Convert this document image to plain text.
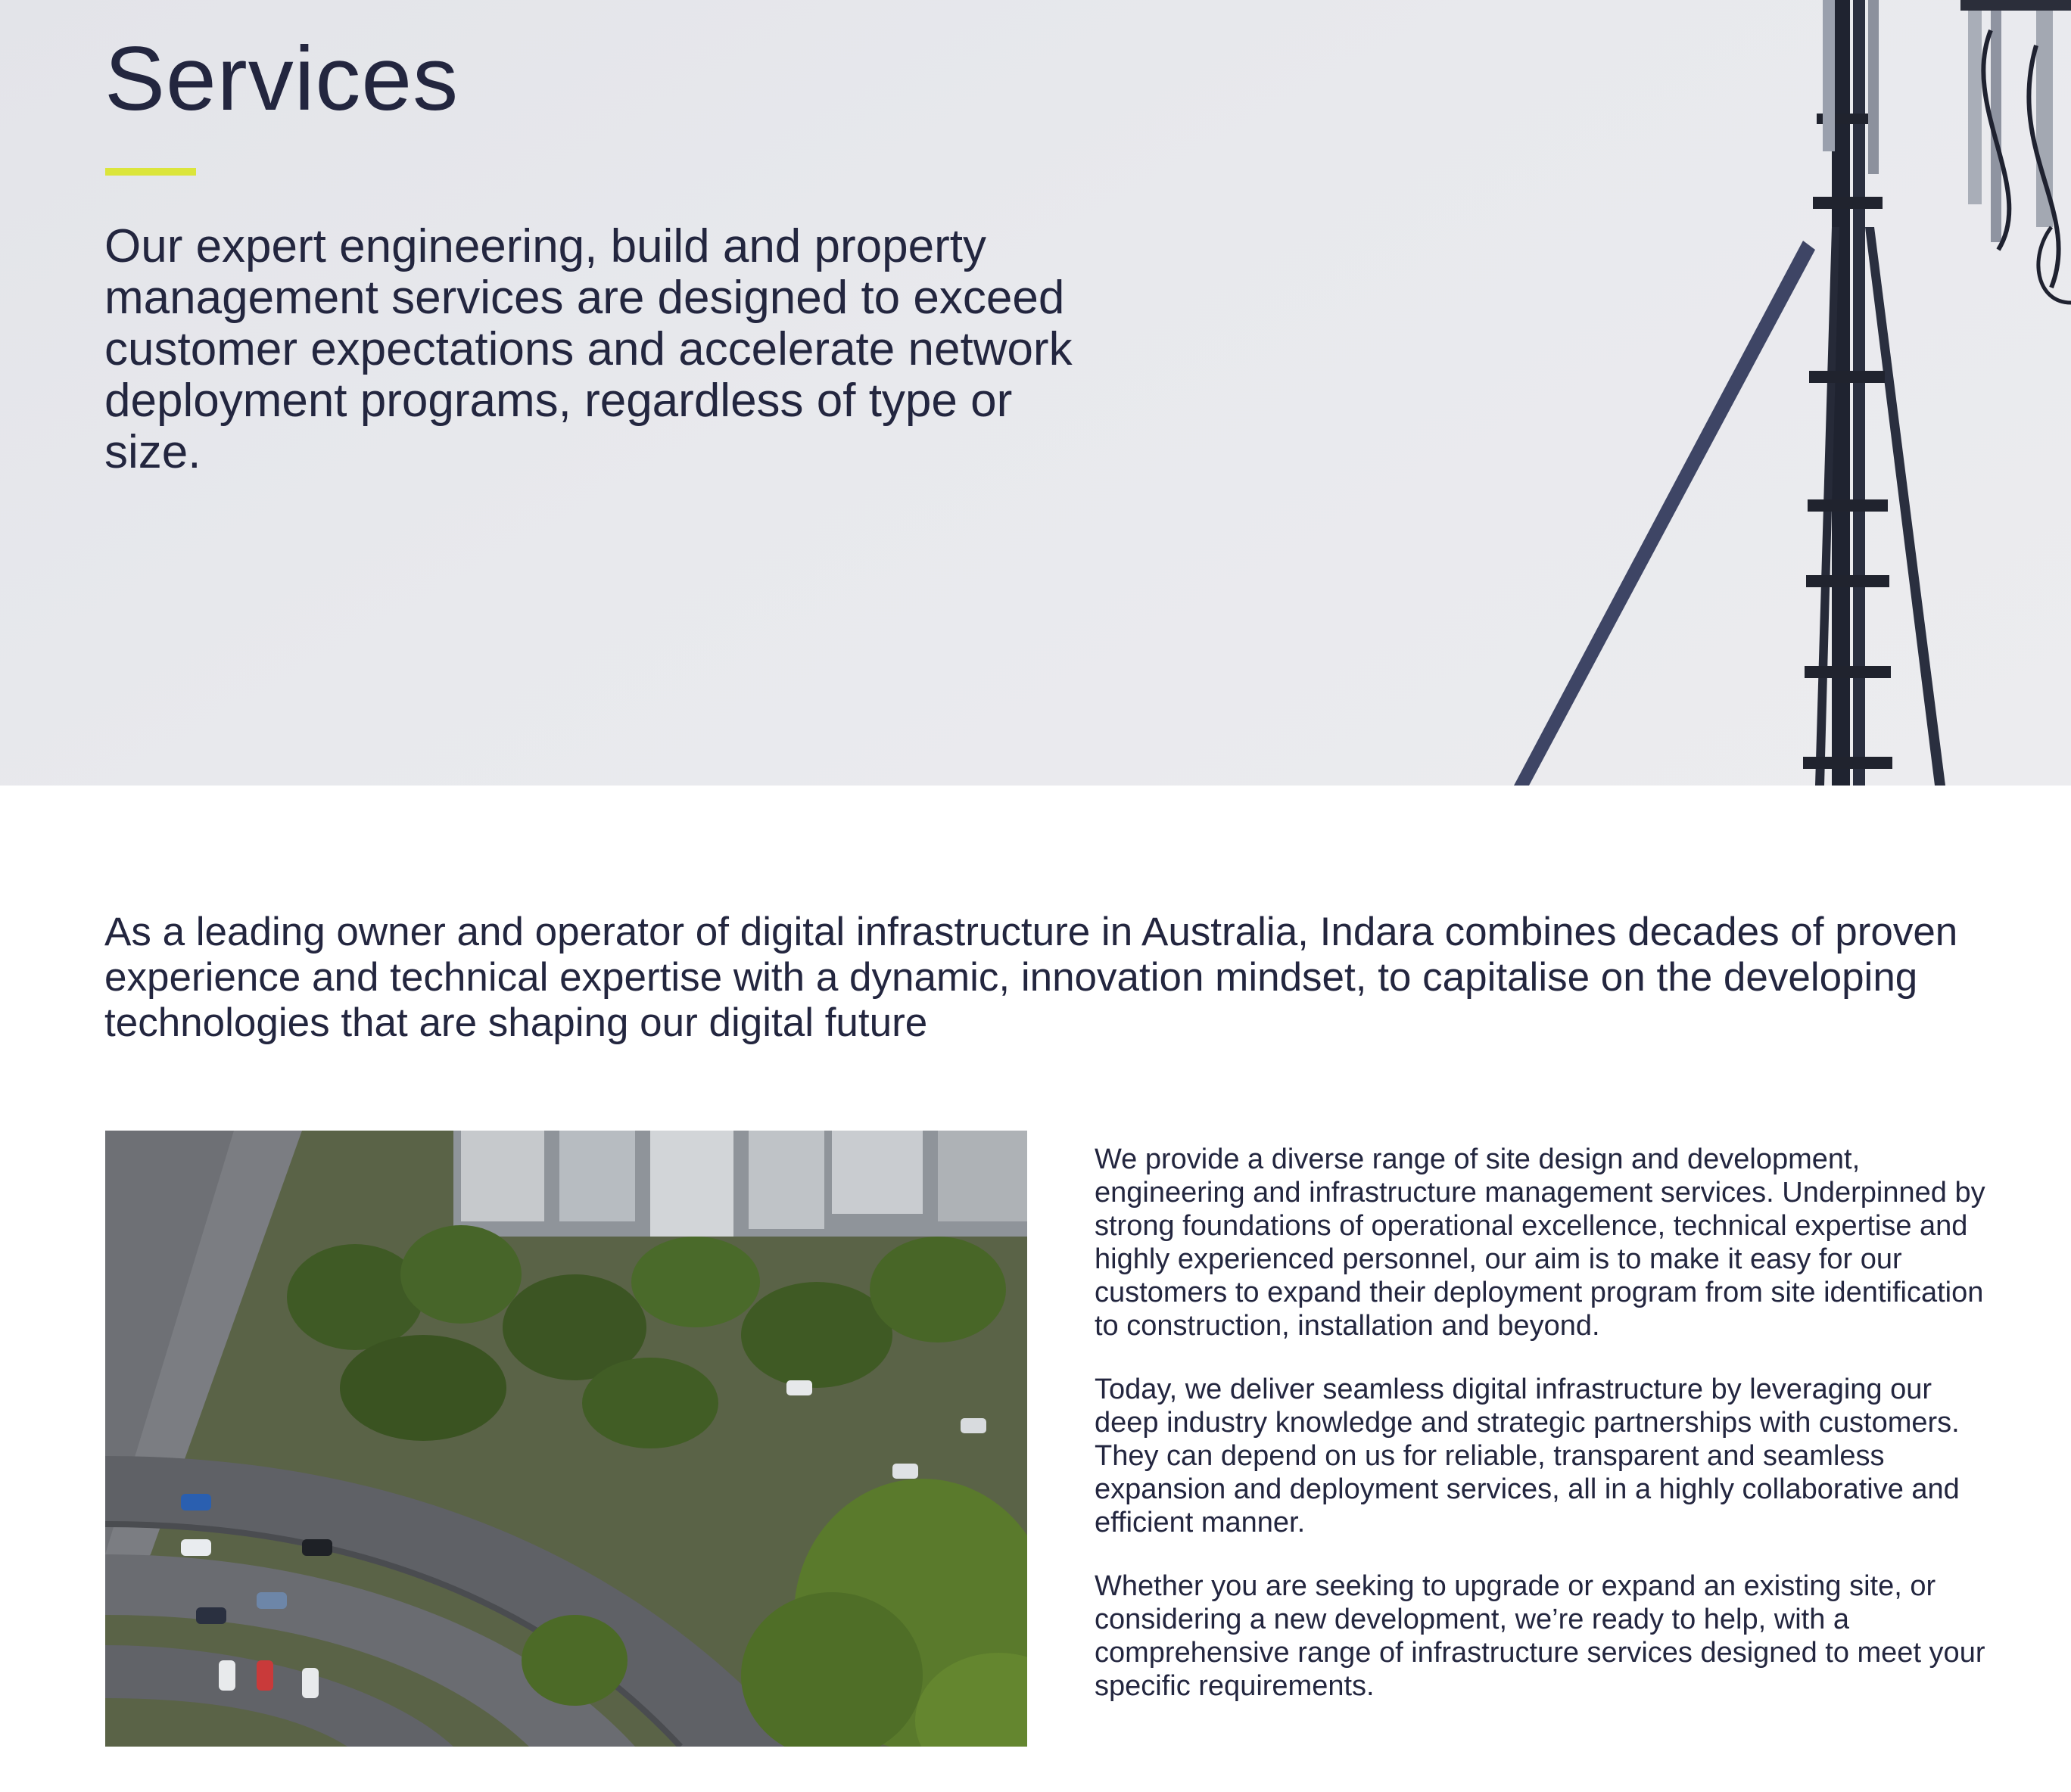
Services

Our expert engineering, build and property management services are designed to exceed customer expectations and accelerate network deployment programs, regardless of type or size.

As a leading owner and operator of digital infrastructure in Australia, Indara combines decades of proven experience and technical expertise with a dynamic, innovation mindset, to capitalise on the developing technologies that are shaping our digital future

We provide a diverse range of site design and development, engineering and infrastructure management services. Underpinned by strong foundations of operational excellence, technical expertise and highly experienced personnel, our aim is to make it easy for our customers to expand their deployment program from site identification to construction, installation and beyond.

Today, we deliver seamless digital infrastructure by leveraging our deep industry knowledge and strategic partnerships with customers. They can depend on us for reliable, transparent and seamless expansion and deployment services, all in a highly collaborative and efficient manner.

Whether you are seeking to upgrade or expand an existing site, or considering a new development, we’re ready to help, with a comprehensive range of infrastructure services designed to meet your specific requirements.
